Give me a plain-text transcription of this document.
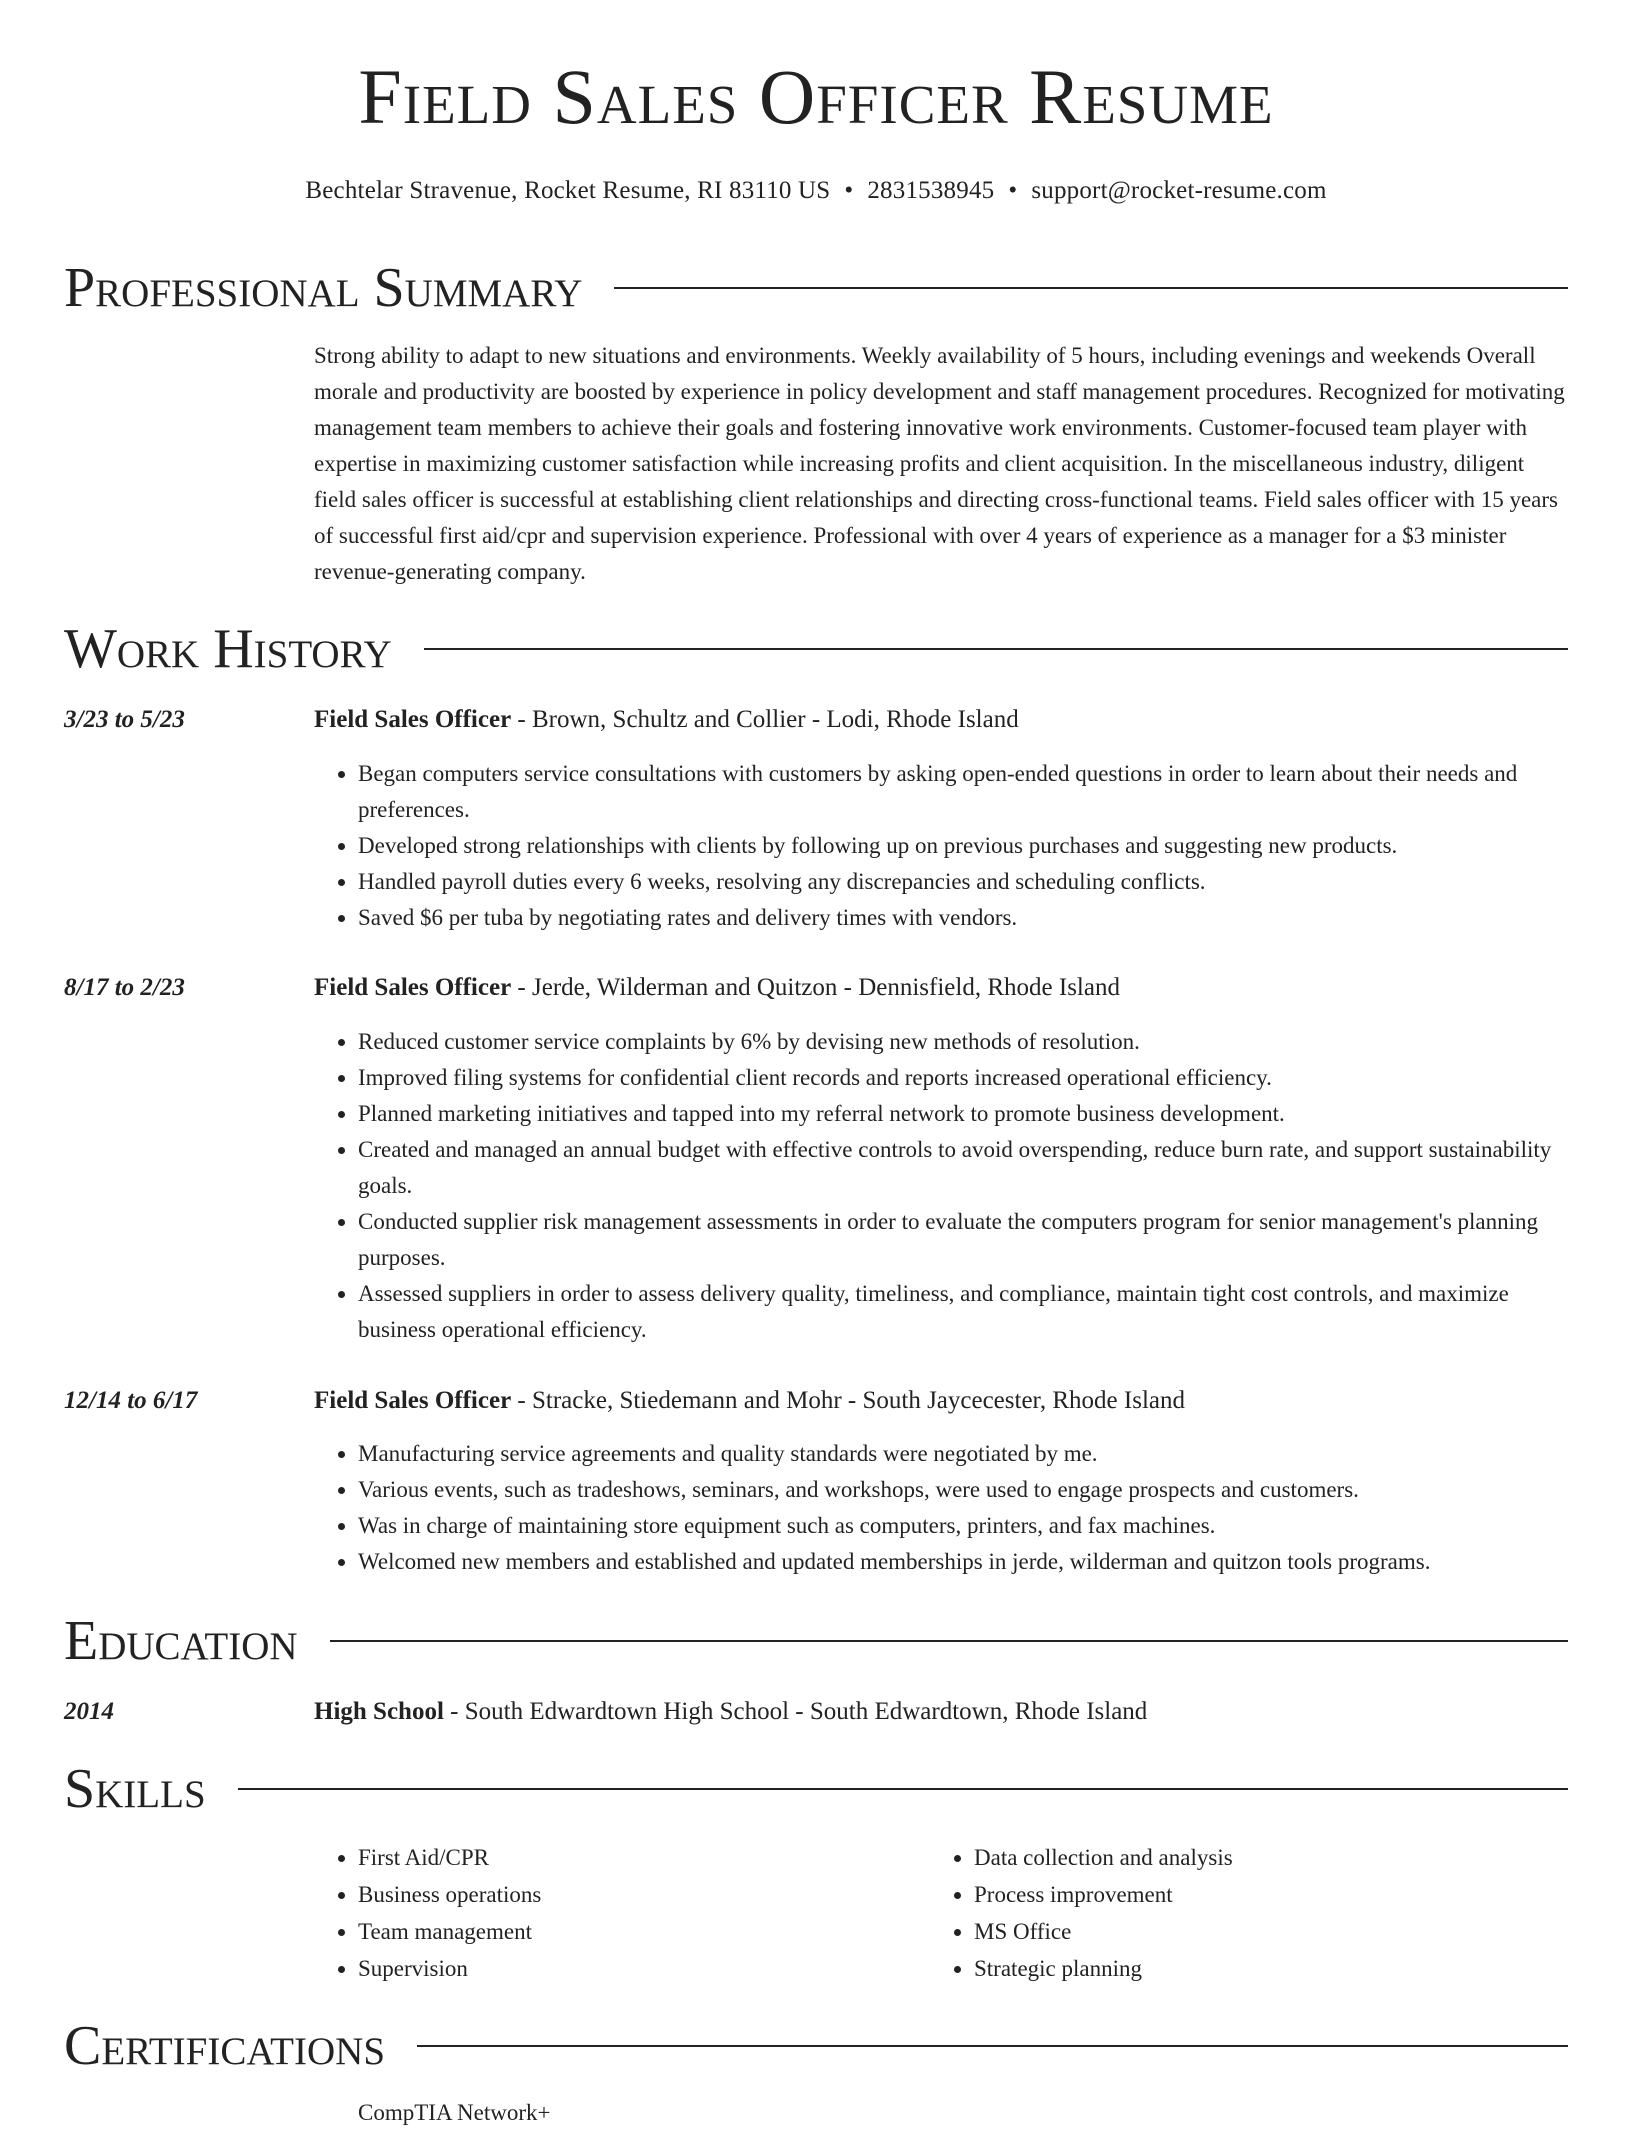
Field Sales Officer Resume
Bechtelar Stravenue, Rocket Resume, RI 83110 US • 2831538945 • support@rocket-resume.com
Professional Summary

Strong ability to adapt to new situations and environments. Weekly availability of 5 hours, including evenings and weekends Overall morale and productivity are boosted by experience in policy development and staff management procedures. Recognized for motivating management team members to achieve their goals and fostering innovative work environments. Customer-focused team player with expertise in maximizing customer satisfaction while increasing profits and client acquisition. In the miscellaneous industry, diligent field sales officer is successful at establishing client relationships and directing cross-functional teams. Field sales officer with 15 years of successful first aid/cpr and supervision experience. Professional with over 4 years of experience as a manager for a $3 minister revenue-generating company.

Work History
3/23 to 5/23	Field Sales Officer - Brown, Schultz and Collier - Lodi, Rhode Island
• Began computers service consultations with customers by asking open-ended questions in order to learn about their needs and preferences.
• Developed strong relationships with clients by following up on previous purchases and suggesting new products.
• Handled payroll duties every 6 weeks, resolving any discrepancies and scheduling conflicts.
• Saved $6 per tuba by negotiating rates and delivery times with vendors.
8/17 to 2/23	Field Sales Officer - Jerde, Wilderman and Quitzon - Dennisfield, Rhode Island
• Reduced customer service complaints by 6% by devising new methods of resolution.
• Improved filing systems for confidential client records and reports increased operational efficiency.
• Planned marketing initiatives and tapped into my referral network to promote business development.
• Created and managed an annual budget with effective controls to avoid overspending, reduce burn rate, and support sustainability goals.
• Conducted supplier risk management assessments in order to evaluate the computers program for senior management's planning purposes.
• Assessed suppliers in order to assess delivery quality, timeliness, and compliance, maintain tight cost controls, and maximize business operational efficiency.
12/14 to 6/17	Field Sales Officer - Stracke, Stiedemann and Mohr - South Jaycecester, Rhode Island
• Manufacturing service agreements and quality standards were negotiated by me.
• Various events, such as tradeshows, seminars, and workshops, were used to engage prospects and customers.
• Was in charge of maintaining store equipment such as computers, printers, and fax machines.
• Welcomed new members and established and updated memberships in jerde, wilderman and quitzon tools programs.
Education
2014	High School - South Edwardtown High School - South Edwardtown, Rhode Island
Skills
• First Aid/CPR
• Business operations
• Team management
• Supervision
• Data collection and analysis
• Process improvement
• MS Office
• Strategic planning
Certifications
CompTIA Network+
